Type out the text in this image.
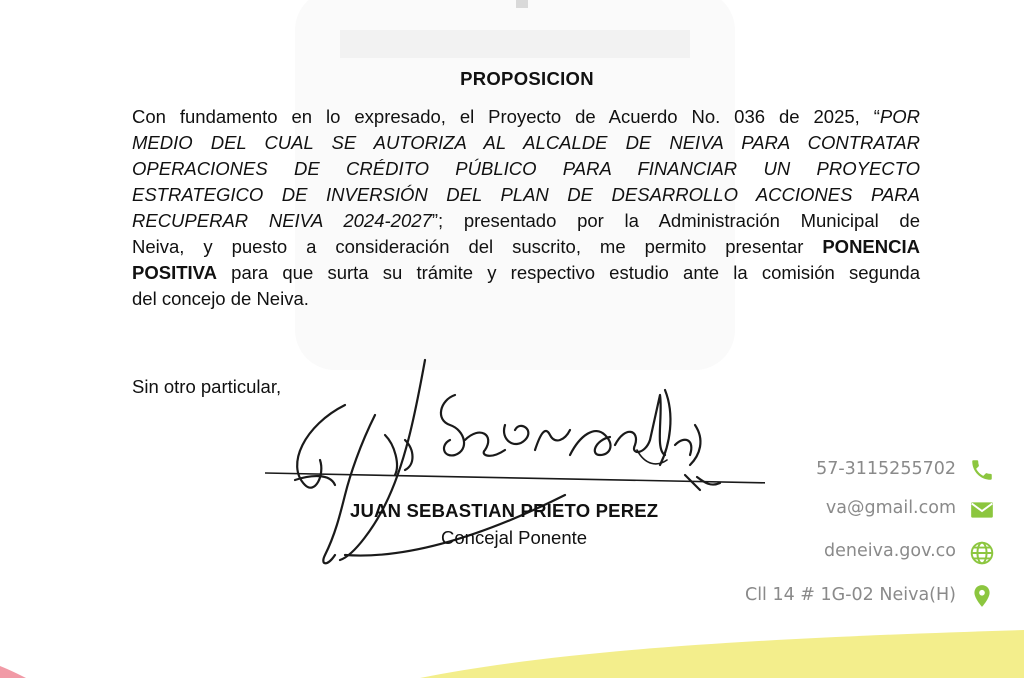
PROPOSICION
Con fundamento en lo expresado, el Proyecto de Acuerdo No. 036 de 2025, “POR
MEDIO DEL CUAL SE AUTORIZA AL ALCALDE DE NEIVA PARA CONTRATAR
OPERACIONES DE CRÉDITO PÚBLICO PARA FINANCIAR UN PROYECTO
ESTRATEGICO DE INVERSIÓN DEL PLAN DE DESARROLLO ACCIONES PARA
RECUPERAR NEIVA 2024-2027”; presentado por la Administración Municipal de
Neiva, y puesto a consideración del suscrito, me permito presentar PONENCIA
POSITIVA para que surta su trámite y respectivo estudio ante la comisión segunda
del concejo de Neiva.
Sin otro particular,
JUAN SEBASTIAN PRIETO PEREZ
Concejal Ponente
57-3115255702
va@gmail.com
deneiva.gov.co
Cll 14 # 1G-02 Neiva(H)
